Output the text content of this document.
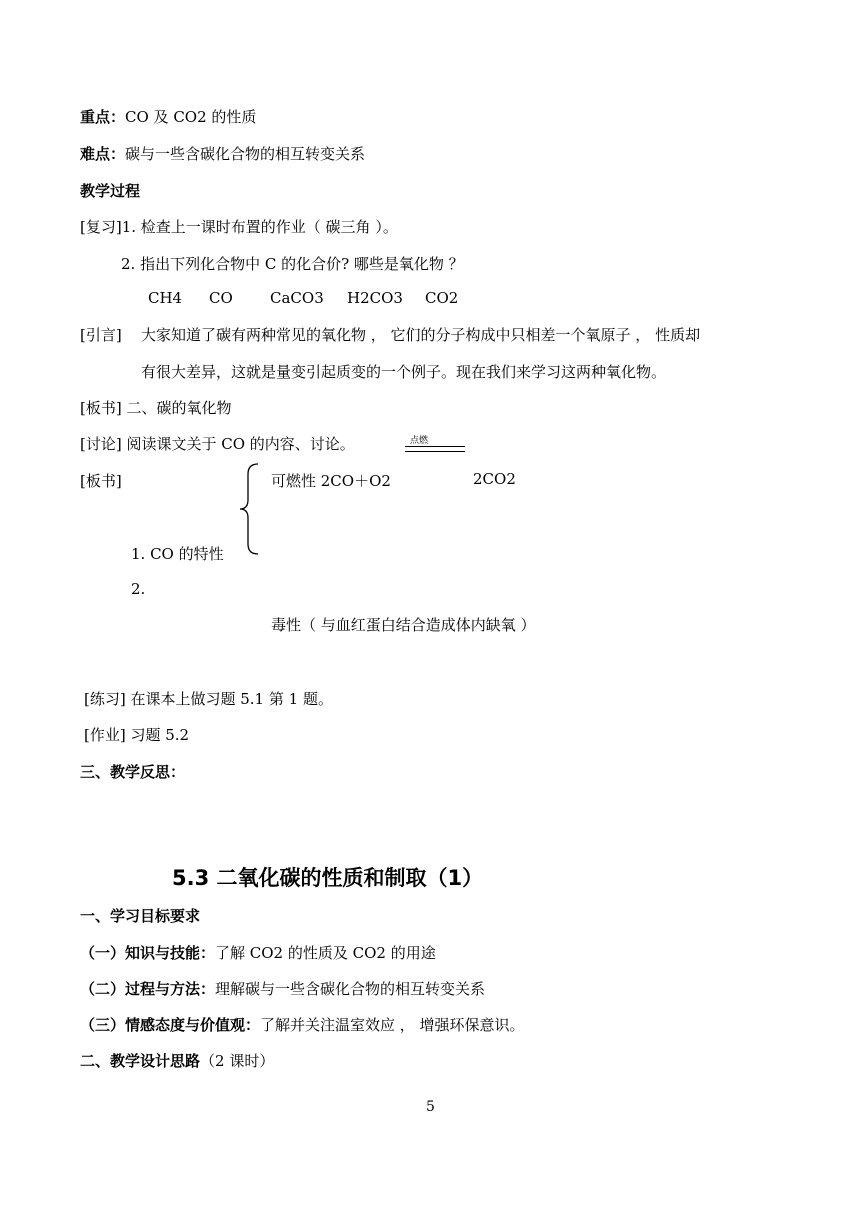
重点：CO 及 CO2 的性质
难点：碳与一些含碳化合物的相互转变关系
教学过程
[复习]1. 检查上一课时布置的作业（ 碳三角 ）。
2. 指出下列化合物中 C 的化合价? 哪些是氧化物 ？
CH4 CO CaCO3 H2CO3 CO2
[引言] 大家知道了碳有两种常见的氧化物 ， 它们的分子构成中只相差一个氧原子 ， 性质却
有很大差异，这就是量变引起质变的一个例子。现在我们来学习这两种氧化物。
[板书] 二、碳的氧化物
[讨论] 阅读课文关于 CO 的内容、讨论。	点燃
[板书]	可燃性 2CO＋O2	2CO2
1. CO 的特性
2.
毒性（ 与血红蛋白结合造成体内缺氧 ）
[练习] 在课本上做习题 5.1 第 1 题。
[作业] 习题 5.2
三、教学反思：
5.3 二氧化碳的性质和制取（1）
一、学习目标要求
（一）知识与技能：了解 CO2 的性质及 CO2 的用途
（二）过程与方法：理解碳与一些含碳化合物的相互转变关系
（三）情感态度与价值观：了解并关注温室效应 ， 增强环保意识。
二、教学设计思路（2 课时）
5
